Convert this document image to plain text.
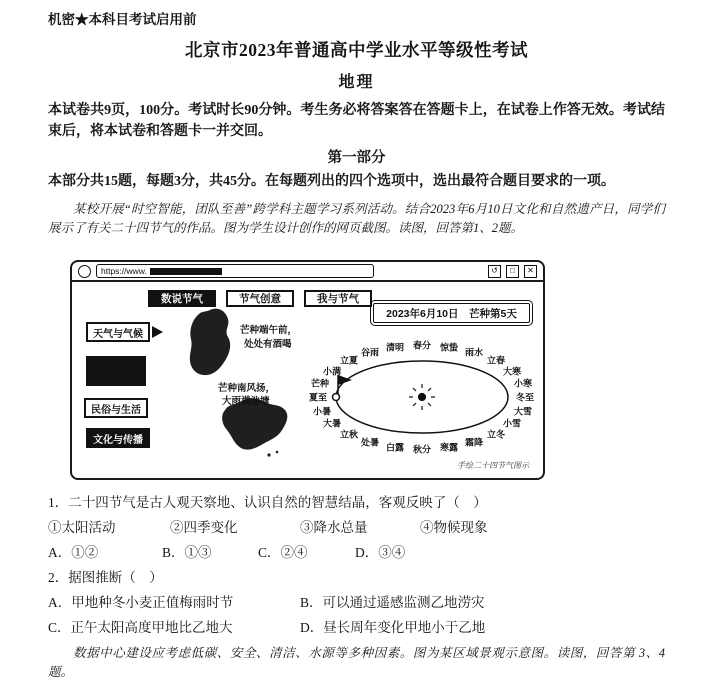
机密★本科目考试启用前
北京市2023年普通高中学业水平等级性考试
地理
本试卷共9页，100分。考试时长90分钟。考生务必将答案答在答题卡上，在试卷上作答无效。考试结束后，将本试卷和答题卡一并交回。
第一部分
本部分共15题，每题3分，共45分。在每题列出的四个选项中，选出最符合题目要求的一项。
某校开展“时空智能，团队至善”跨学科主题学习系列活动。结合2023年6月10日文化和自然遗产日，同学们展示了有关二十四节气的作品。图为学生设计创作的网页截图。读图，回答第1、2题。
https://www.	↺	□	✕
数说节气	节气创意	我与节气
天气与气候
民俗与生活
文化与传播
芒种端午前，
处处有酒喝
芒种南风扬，
大雨满池塘
2023年6月10日　芒种第5天
立春
雨水
惊蛰
春分
清明
谷雨
立夏
小满
芒种
夏至
小暑
大暑
立秋
处暑 白露 秋分 寒露 霜降
立冬
小雪
大雪
冬至
小寒
大寒
手绘二十四节气图示
1．二十四节气是古人观天察地、认识自然的智慧结晶，客观反映了（　）
①太阳活动	②四季变化	③降水总量	④物候现象
A．①②	B．①③	C．②④	D．③④
2．据图推断（　）
A．甲地种冬小麦正值梅雨时节	B．可以通过遥感监测乙地涝灾
C．正午太阳高度甲地比乙地大	D．昼长周年变化甲地小于乙地
数据中心建设应考虑低碳、安全、清洁、水源等多种因素。图为某区域景观示意图。读图，回答第 3、4 题。
